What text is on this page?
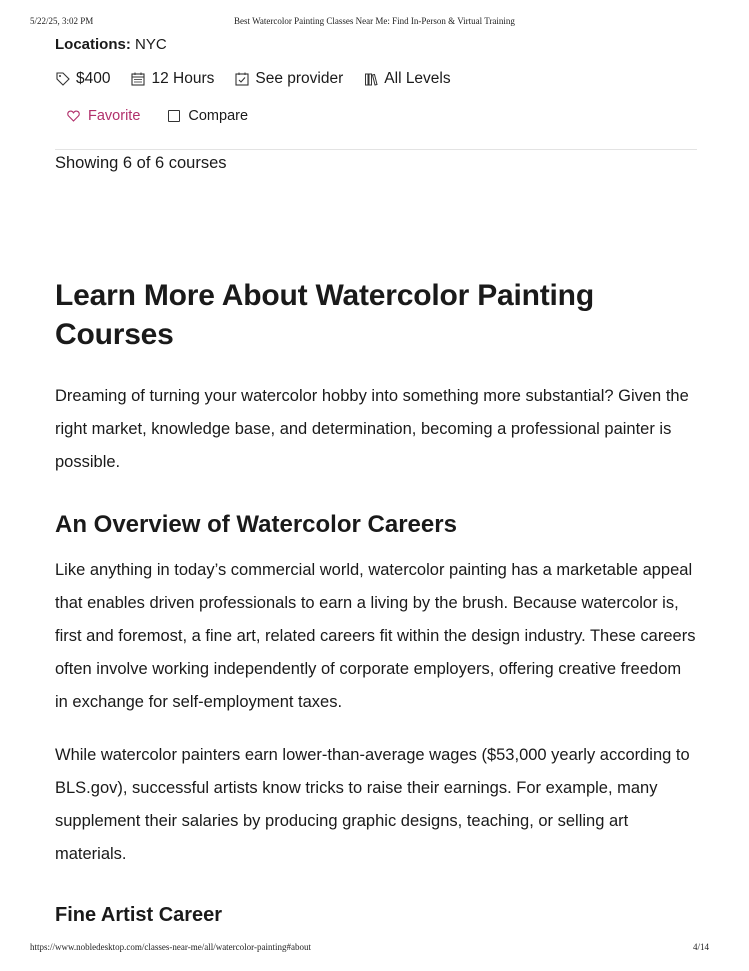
5/22/25, 3:02 PM	Best Watercolor Painting Classes Near Me: Find In-Person & Virtual Training
Locations: NYC
$400	12 Hours	See provider	All Levels
Favorite	Compare
Showing 6 of 6 courses
Learn More About Watercolor Painting Courses

Dreaming of turning your watercolor hobby into something more substantial? Given the right market, knowledge base, and determination, becoming a professional painter is possible.

An Overview of Watercolor Careers

Like anything in today’s commercial world, watercolor painting has a marketable appeal that enables driven professionals to earn a living by the brush. Because watercolor is, first and foremost, a fine art, related careers fit within the design industry. These careers often involve working independently of corporate employers, offering creative freedom in exchange for self-employment taxes.

While watercolor painters earn lower-than-average wages ($53,000 yearly according to BLS.gov), successful artists know tricks to raise their earnings. For example, many supplement their salaries by producing graphic designs, teaching, or selling art materials.

Fine Artist Career
https://www.nobledesktop.com/classes-near-me/all/watercolor-painting#about	4/14
